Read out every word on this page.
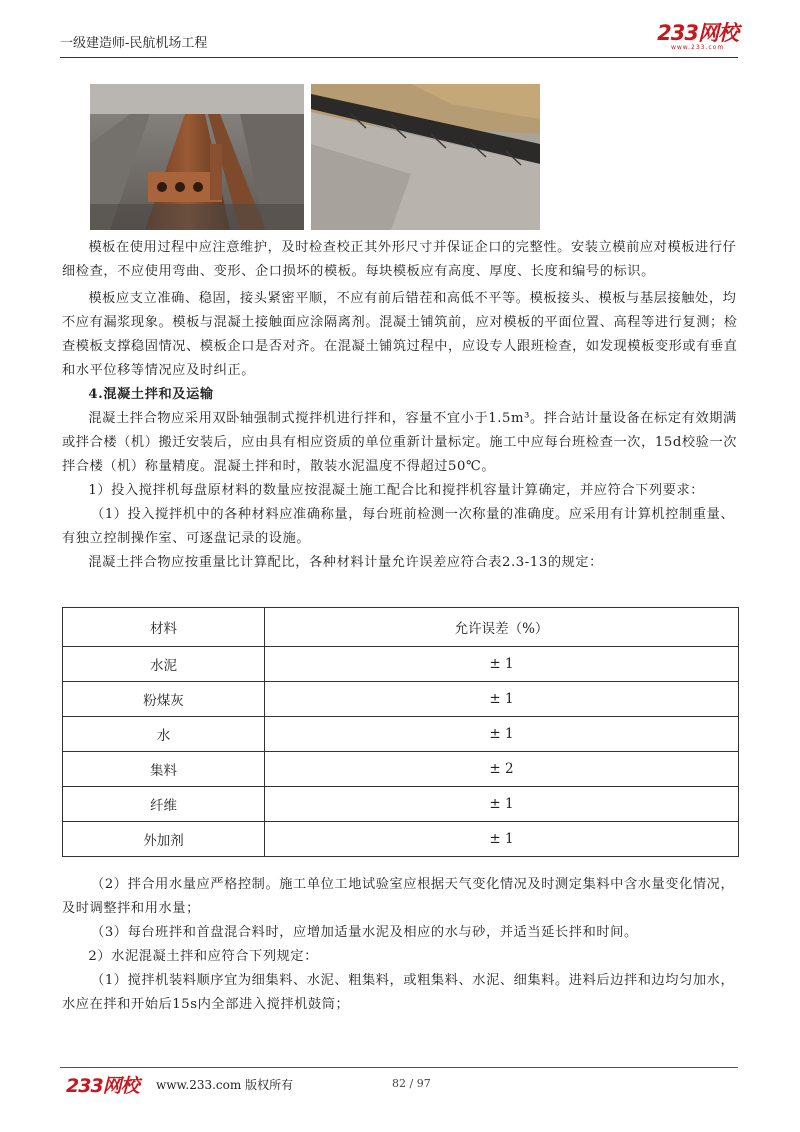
一级建造师-民航机场工程	233网校
www.233.com

模板在使用过程中应注意维护，及时检查校正其外形尺寸并保证企口的完整性。安装立模前应对模板进行仔细检查，不应使用弯曲、变形、企口损坏的模板。每块模板应有高度、厚度、长度和编号的标识。

模板应支立准确、稳固，接头紧密平顺，不应有前后错茬和高低不平等。模板接头、模板与基层接触处，均不应有漏浆现象。模板与混凝土接触面应涂隔离剂。混凝土铺筑前，应对模板的平面位置、高程等进行复测；检查模板支撑稳固情况、模板企口是否对齐。在混凝土铺筑过程中，应设专人跟班检查，如发现模板变形或有垂直和水平位移等情况应及时纠正。

4.混凝土拌和及运输

混凝土拌合物应采用双卧轴强制式搅拌机进行拌和，容量不宜小于1.5m³。拌合站计量设备在标定有效期满或拌合楼（机）搬迁安装后，应由具有相应资质的单位重新计量标定。施工中应每台班检查一次，15d校验一次拌合楼（机）称量精度。混凝土拌和时，散装水泥温度不得超过50℃。

1）投入搅拌机每盘原材料的数量应按混凝土施工配合比和搅拌机容量计算确定，并应符合下列要求：

（1）投入搅拌机中的各种材料应准确称量，每台班前检测一次称量的准确度。应采用有计算机控制重量、有独立控制操作室、可逐盘记录的设施。

混凝土拌合物应按重量比计算配比，各种材料计量允许误差应符合表2.3-13的规定：

材料	允许误差（%）
水泥	± 1
粉煤灰	± 1
水	± 1
集料	± 2
纤维	± 1
外加剂	± 1

（2）拌合用水量应严格控制。施工单位工地试验室应根据天气变化情况及时测定集料中含水量变化情况，及时调整拌和用水量；

（3）每台班拌和首盘混合料时，应增加适量水泥及相应的水与砂，并适当延长拌和时间。

2）水泥混凝土拌和应符合下列规定：

（1）搅拌机装料顺序宜为细集料、水泥、粗集料，或粗集料、水泥、细集料。进料后边拌和边均匀加水，水应在拌和开始后15s内全部进入搅拌机鼓筒；

233网校 www.233.com 版权所有	82 / 97
